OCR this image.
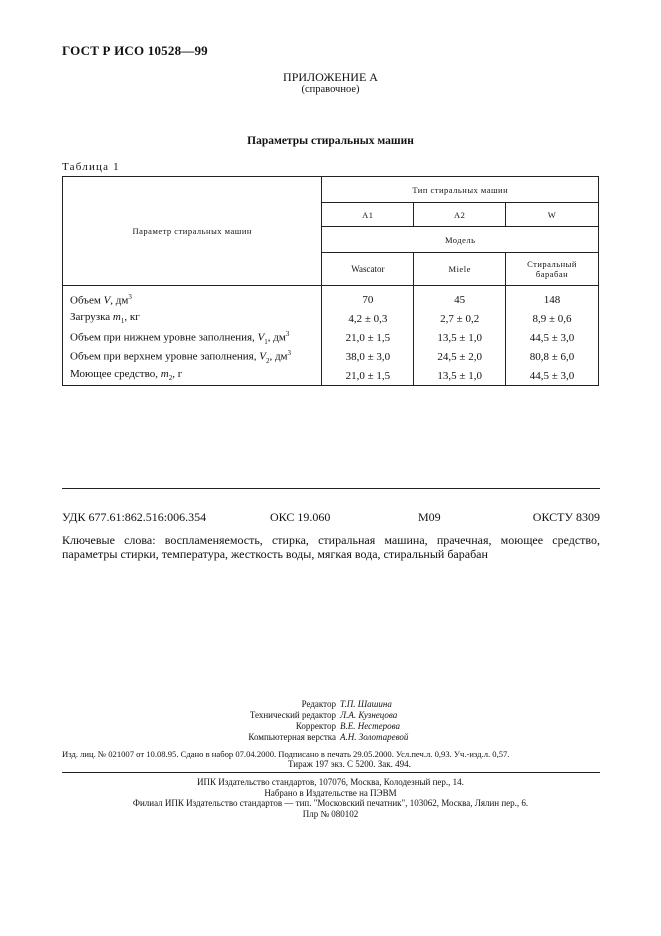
ГОСТ Р ИСО 10528—99
ПРИЛОЖЕНИЕ А
(справочное)
Параметры стиральных машин
Таблица 1
Параметр стиральных машин	Тип стиральных машин		
	A1	A2	W
	Модель		
	Wascator	Miele	Стиральный барабан
Объем V, $дм^3$	70	45	148
Загрузка $m_1$, кг	4,2 ± 0,3	2,7 ± 0,2	8,9 ± 0,6
Объем при нижнем уровне заполнения, $V_1$, $дм^3$	21,0 ± 1,5	13,5 ± 1,0	44,5 ± 3,0
Объем при верхнем уровне заполнения, $V_2$, $дм^3$	38,0 ± 3,0	24,5 ± 2,0	80,8 ± 6,0
Моющее средство, $m_2$, г	21,0 ± 1,5	13,5 ± 1,0	44,5 ± 3,0
УДК 677.61:862.516:006.354	ОКС 19.060	М09	ОКСТУ 8309
Ключевые слова: воспламеняемость, стирка, стиральная машина, прачечная, моющее средство, параметры стирки, температура, жесткость воды, мягкая вода, стиральный барабан
Редактор Т.П. Шашина
Технический редактор Л.А. Кузнецова
Корректор В.Е. Нестерова
Компьютерная верстка А.Н. Золотаревой
Изд. лиц. № 021007 от 10.08.95. Сдано в набор 07.04.2000. Подписано в печать 29.05.2000. Усл.печ.л. 0,93. Уч.-изд.л. 0,57.
Тираж 197 экз. С 5200. Зак. 494.
ИПК Издательство стандартов, 107076, Москва, Колодезный пер., 14.
Набрано в Издательстве на ПЭВМ
Филиал ИПК Издательство стандартов — тип. "Московский печатник", 103062, Москва, Лялин пер., 6.
Плр № 080102
